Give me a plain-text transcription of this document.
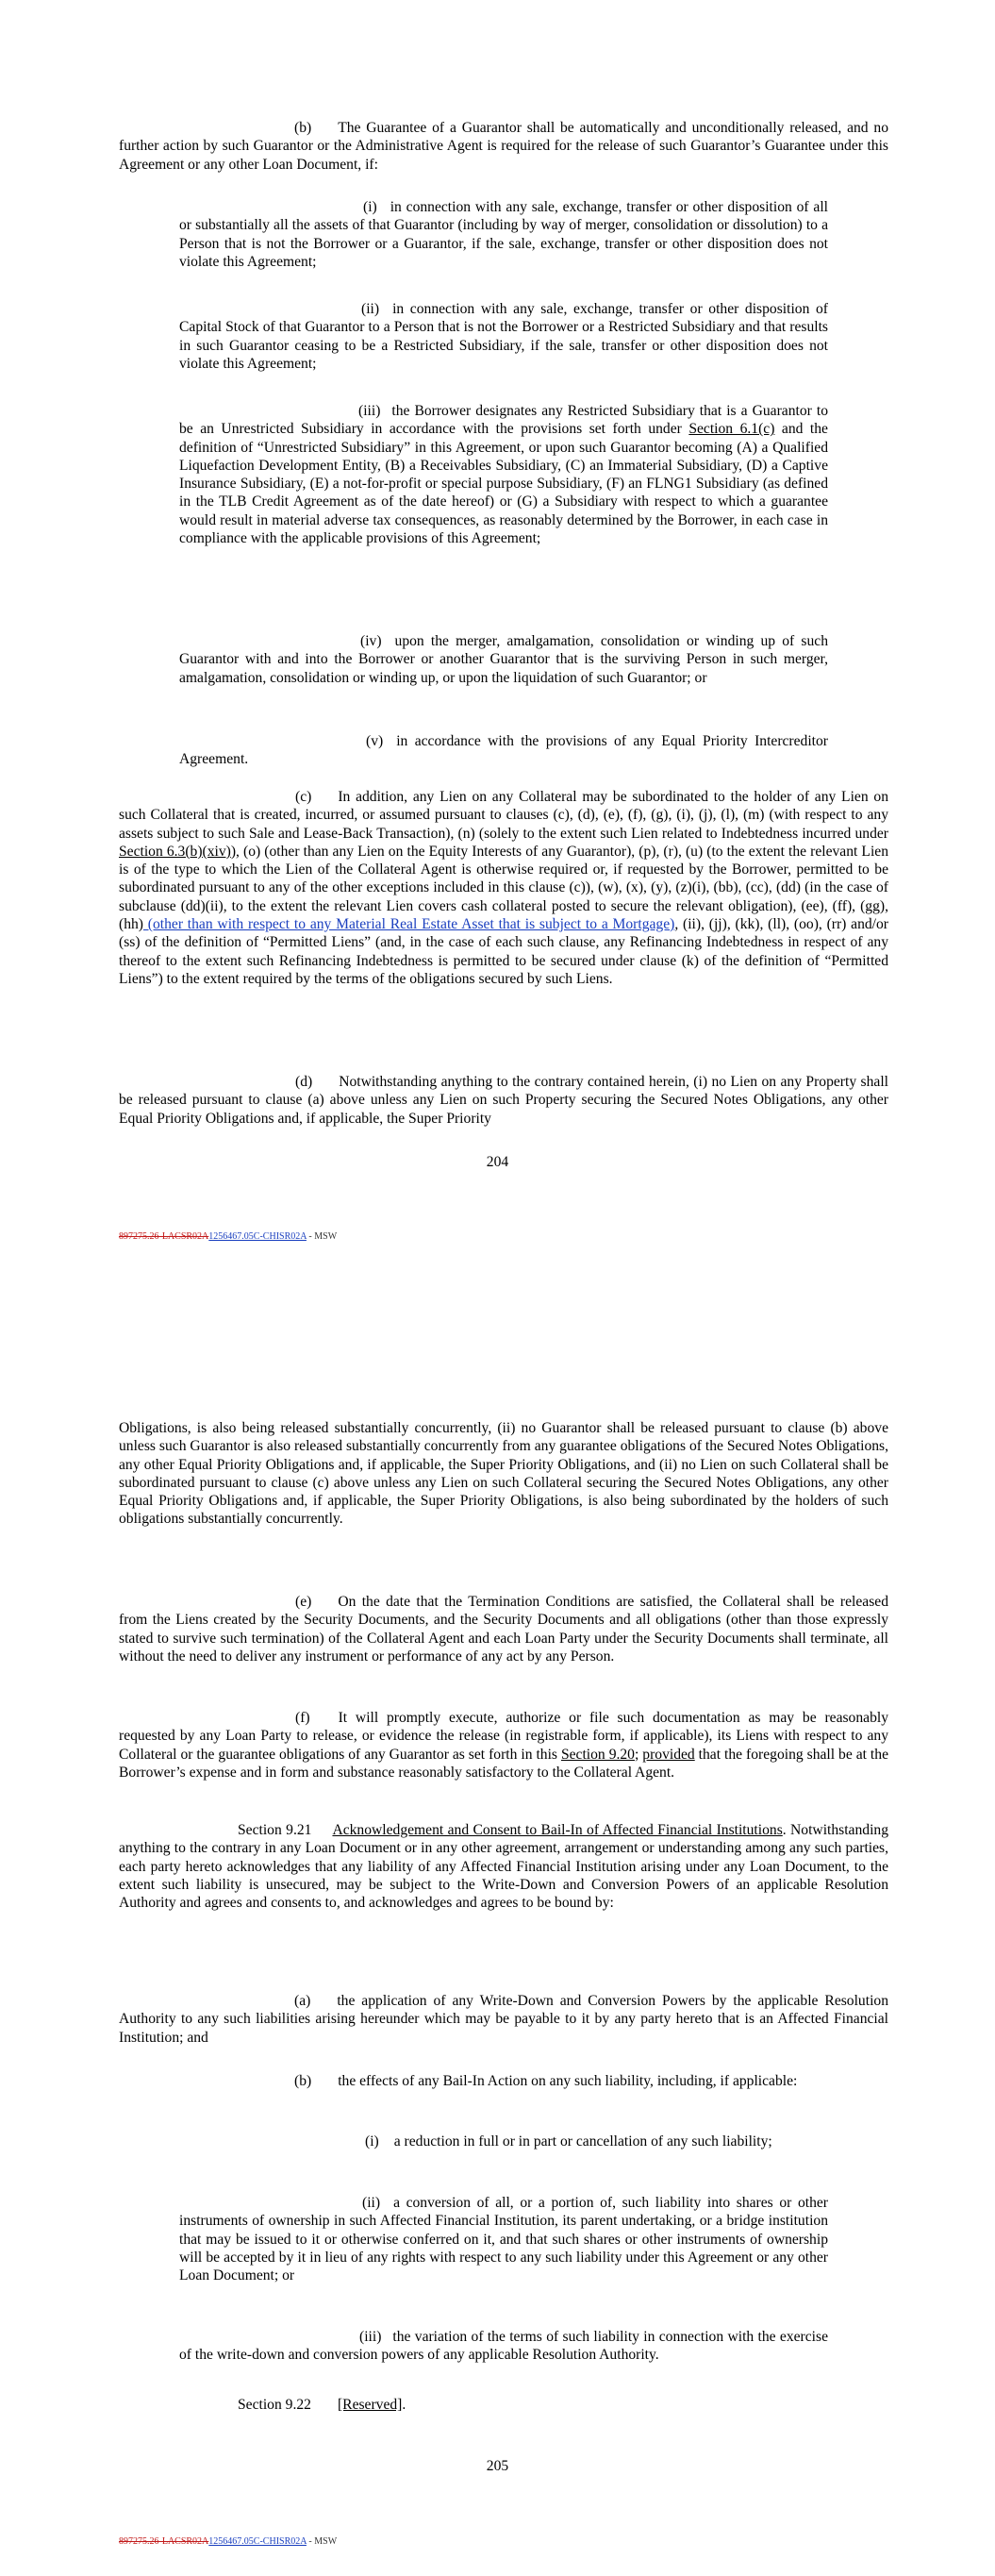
(b) The Guarantee of a Guarantor shall be automatically and unconditionally released, and no further action by such Guarantor or the Administrative Agent is required for the release of such Guarantor’s Guarantee under this Agreement or any other Loan Document, if:

(i) in connection with any sale, exchange, transfer or other disposition of all or substantially all the assets of that Guarantor (including by way of merger, consolidation or dissolution) to a Person that is not the Borrower or a Guarantor, if the sale, exchange, transfer or other disposition does not violate this Agreement;

(ii) in connection with any sale, exchange, transfer or other disposition of Capital Stock of that Guarantor to a Person that is not the Borrower or a Restricted Subsidiary and that results in such Guarantor ceasing to be a Restricted Subsidiary, if the sale, transfer or other disposition does not violate this Agreement;

(iii) the Borrower designates any Restricted Subsidiary that is a Guarantor to be an Unrestricted Subsidiary in accordance with the provisions set forth under Section 6.1(c) and the definition of “Unrestricted Subsidiary” in this Agreement, or upon such Guarantor becoming (A) a Qualified Liquefaction Development Entity, (B) a Receivables Subsidiary, (C) an Immaterial Subsidiary, (D) a Captive Insurance Subsidiary, (E) a not-for-profit or special purpose Subsidiary, (F) an FLNG1 Subsidiary (as defined in the TLB Credit Agreement as of the date hereof) or (G) a Subsidiary with respect to which a guarantee would result in material adverse tax consequences, as reasonably determined by the Borrower, in each case in compliance with the applicable provisions of this Agreement;

(iv) upon the merger, amalgamation, consolidation or winding up of such Guarantor with and into the Borrower or another Guarantor that is the surviving Person in such merger, amalgamation, consolidation or winding up, or upon the liquidation of such Guarantor; or

(v) in accordance with the provisions of any Equal Priority Intercreditor Agreement.

(c) In addition, any Lien on any Collateral may be subordinated to the holder of any Lien on such Collateral that is created, incurred, or assumed pursuant to clauses (c), (d), (e), (f), (g), (i), (j), (l), (m) (with respect to any assets subject to such Sale and Lease-Back Transaction), (n) (solely to the extent such Lien related to Indebtedness incurred under Section 6.3(b)(xiv)), (o) (other than any Lien on the Equity Interests of any Guarantor), (p), (r), (u) (to the extent the relevant Lien is of the type to which the Lien of the Collateral Agent is otherwise required or, if requested by the Borrower, permitted to be subordinated pursuant to any of the other exceptions included in this clause (c)), (w), (x), (y), (z)(i), (bb), (cc), (dd) (in the case of subclause (dd)(ii), to the extent the relevant Lien covers cash collateral posted to secure the relevant obligation), (ee), (ff), (gg), (hh) (other than with respect to any Material Real Estate Asset that is subject to a Mortgage), (ii), (jj), (kk), (ll), (oo), (rr) and/or (ss) of the definition of “Permitted Liens” (and, in the case of each such clause, any Refinancing Indebtedness in respect of any thereof to the extent such Refinancing Indebtedness is permitted to be secured under clause (k) of the definition of “Permitted Liens”) to the extent required by the terms of the obligations secured by such Liens.

(d) Notwithstanding anything to the contrary contained herein, (i) no Lien on any Property shall be released pursuant to clause (a) above unless any Lien on such Property securing the Secured Notes Obligations, any other Equal Priority Obligations and, if applicable, the Super Priority

204
897275.26-LACSR02A1256467.05C-CHISR02A - MSW

Obligations, is also being released substantially concurrently, (ii) no Guarantor shall be released pursuant to clause (b) above unless such Guarantor is also released substantially concurrently from any guarantee obligations of the Secured Notes Obligations, any other Equal Priority Obligations and, if applicable, the Super Priority Obligations, and (ii) no Lien on such Collateral shall be subordinated pursuant to clause (c) above unless any Lien on such Collateral securing the Secured Notes Obligations, any other Equal Priority Obligations and, if applicable, the Super Priority Obligations, is also being subordinated by the holders of such obligations substantially concurrently.

(e) On the date that the Termination Conditions are satisfied, the Collateral shall be released from the Liens created by the Security Documents, and the Security Documents and all obligations (other than those expressly stated to survive such termination) of the Collateral Agent and each Loan Party under the Security Documents shall terminate, all without the need to deliver any instrument or performance of any act by any Person.

(f) It will promptly execute, authorize or file such documentation as may be reasonably requested by any Loan Party to release, or evidence the release (in registrable form, if applicable), its Liens with respect to any Collateral or the guarantee obligations of any Guarantor as set forth in this Section 9.20; provided that the foregoing shall be at the Borrower’s expense and in form and substance reasonably satisfactory to the Collateral Agent.

Section 9.21 Acknowledgement and Consent to Bail-In of Affected Financial Institutions. Notwithstanding anything to the contrary in any Loan Document or in any other agreement, arrangement or understanding among any such parties, each party hereto acknowledges that any liability of any Affected Financial Institution arising under any Loan Document, to the extent such liability is unsecured, may be subject to the Write-Down and Conversion Powers of an applicable Resolution Authority and agrees and consents to, and acknowledges and agrees to be bound by:

(a) the application of any Write-Down and Conversion Powers by the applicable Resolution Authority to any such liabilities arising hereunder which may be payable to it by any party hereto that is an Affected Financial Institution; and

(b) the effects of any Bail-In Action on any such liability, including, if applicable:

(i) a reduction in full or in part or cancellation of any such liability;

(ii) a conversion of all, or a portion of, such liability into shares or other instruments of ownership in such Affected Financial Institution, its parent undertaking, or a bridge institution that may be issued to it or otherwise conferred on it, and that such shares or other instruments of ownership will be accepted by it in lieu of any rights with respect to any such liability under this Agreement or any other Loan Document; or

(iii) the variation of the terms of such liability in connection with the exercise of the write-down and conversion powers of any applicable Resolution Authority.

Section 9.22 [Reserved].

205
897275.26-LACSR02A1256467.05C-CHISR02A - MSW
